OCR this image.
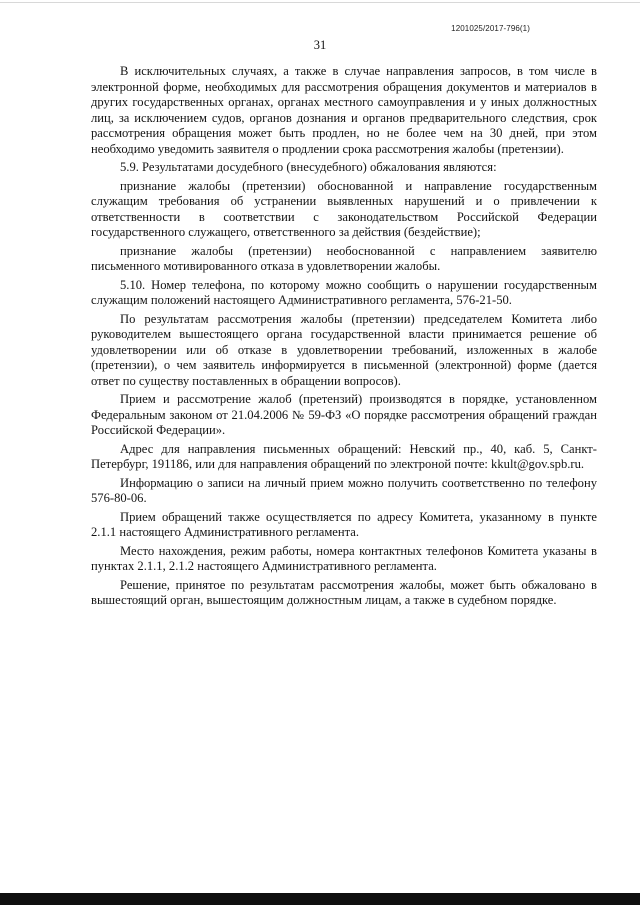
1201025/2017-796(1)
31

В исключительных случаях, а также в случае направления запросов, в том числе в электронной форме, необходимых для рассмотрения обращения документов и материалов в других государственных органах, органах местного самоуправления и у иных должностных лиц, за исключением судов, органов дознания и органов предварительного следствия, срок рассмотрения обращения может быть продлен, но не более чем на 30 дней, при этом необходимо уведомить заявителя о продлении срока рассмотрения жалобы (претензии).

5.9. Результатами досудебного (внесудебного) обжалования являются:

признание жалобы (претензии) обоснованной и направление государственным служащим требования об устранении выявленных нарушений и о привлечении к ответственности в соответствии с законодательством Российской Федерации государственного служащего, ответственного за действия (бездействие);

признание жалобы (претензии) необоснованной с направлением заявителю письменного мотивированного отказа в удовлетворении жалобы.

5.10. Номер телефона, по которому можно сообщить о нарушении государственным служащим положений настоящего Административного регламента, 576-21-50.

По результатам рассмотрения жалобы (претензии) председателем Комитета либо руководителем вышестоящего органа государственной власти принимается решение об удовлетворении или об отказе в удовлетворении требований, изложенных в жалобе (претензии), о чем заявитель информируется в письменной (электронной) форме (дается ответ по существу поставленных в обращении вопросов).

Прием и рассмотрение жалоб (претензий) производятся в порядке, установленном Федеральным законом от 21.04.2006 № 59-ФЗ «О порядке рассмотрения обращений граждан Российской Федерации».

Адрес для направления письменных обращений: Невский пр., 40, каб. 5, Санкт-Петербург, 191186, или для направления обращений по электроной почте: kkult@gov.spb.ru.

Информацию о записи на личный прием можно получить соответственно по телефону 576-80-06.

Прием обращений также осуществляется по адресу Комитета, указанному в пункте 2.1.1 настоящего Административного регламента.

Место нахождения, режим работы, номера контактных телефонов Комитета указаны в пунктах 2.1.1, 2.1.2 настоящего Административного регламента.

Решение, принятое по результатам рассмотрения жалобы, может быть обжаловано в вышестоящий орган, вышестоящим должностным лицам, а также в судебном порядке.
